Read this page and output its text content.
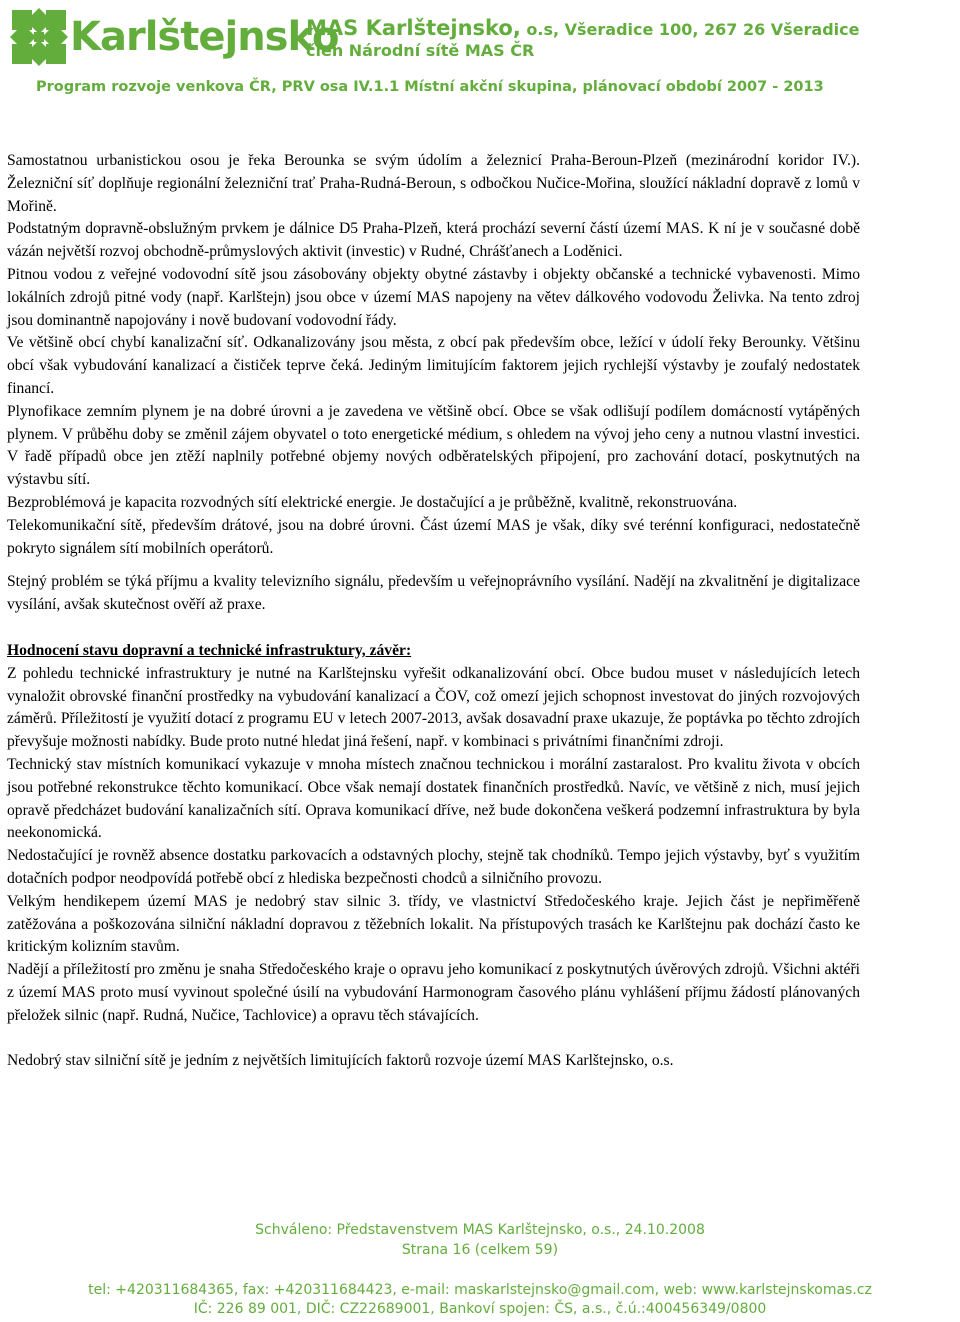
Karlštejnsko
MAS Karlštejnsko, o.s, Všeradice 100, 267 26 Všeradice
člen Národní sítě MAS ČR
Program rozvoje venkova ČR, PRV osa IV.1.1 Místní akční skupina, plánovací období 2007 - 2013

Samostatnou urbanistickou osou je řeka Berounka se svým údolím a železnicí Praha-Beroun-Plzeň (mezinárodní koridor IV.). Železniční síť doplňuje regionální železniční trať Praha-Rudná-Beroun, s odbočkou Nučice-Mořina, sloužící nákladní dopravě z lomů v Mořině.

Podstatným dopravně-obslužným prvkem je dálnice D5 Praha-Plzeň, která prochází severní částí území MAS. K ní je v současné době vázán největší rozvoj obchodně-průmyslových aktivit (investic) v Rudné, Chrášťanech a Loděnici.

Pitnou vodou z veřejné vodovodní sítě jsou zásobovány objekty obytné zástavby i objekty občanské a technické vybavenosti. Mimo lokálních zdrojů pitné vody (např. Karlštejn) jsou obce v území MAS napojeny na větev dálkového vodovodu Želivka. Na tento zdroj jsou dominantně napojovány i nově budovaní vodovodní řády.

Ve většině obcí chybí kanalizační síť. Odkanalizovány jsou města, z obcí pak především obce, ležící v údolí řeky Berounky. Většinu obcí však vybudování kanalizací a čističek teprve čeká. Jediným limitujícím faktorem jejich rychlejší výstavby je zoufalý nedostatek financí.

Plynofikace zemním plynem je na dobré úrovni a je zavedena ve většině obcí. Obce se však odlišují podílem domácností vytápěných plynem. V průběhu doby se změnil zájem obyvatel o toto energetické médium, s ohledem na vývoj jeho ceny a nutnou vlastní investici. V řadě případů obce jen ztěží naplnily potřebné objemy nových odběratelských připojení, pro zachování dotací, poskytnutých na výstavbu sítí.

Bezproblémová je kapacita rozvodných sítí elektrické energie. Je dostačující a je průběžně, kvalitně, rekonstruována.

Telekomunikační sítě, především drátové, jsou na dobré úrovni. Část území MAS je však, díky své terénní konfiguraci, nedostatečně pokryto signálem sítí mobilních operátorů.

Stejný problém se týká příjmu a kvality televizního signálu, především u veřejnoprávního vysílání. Nadějí na zkvalitnění je digitalizace vysílání, avšak skutečnost ověří až praxe.

Hodnocení stavu dopravní a technické infrastruktury, závěr:

Z pohledu technické infrastruktury je nutné na Karlštejnsku vyřešit odkanalizování obcí. Obce budou muset v následujících letech vynaložit obrovské finanční prostředky na vybudování kanalizací a ČOV, což omezí jejich schopnost investovat do jiných rozvojových záměrů. Příležitostí je využití dotací z programu EU v letech 2007-2013, avšak dosavadní praxe ukazuje, že poptávka po těchto zdrojích převyšuje možnosti nabídky. Bude proto nutné hledat jiná řešení, např. v kombinaci s privátními finančními zdroji.

Technický stav místních komunikací vykazuje v mnoha místech značnou technickou i morální zastaralost. Pro kvalitu života v obcích jsou potřebné rekonstrukce těchto komunikací. Obce však nemají dostatek finančních prostředků. Navíc, ve většině z nich, musí jejich opravě předcházet budování kanalizačních sítí. Oprava komunikací dříve, než bude dokončena veškerá podzemní infrastruktura by byla neekonomická.

Nedostačující je rovněž absence dostatku parkovacích a odstavných plochy, stejně tak chodníků. Tempo jejich výstavby, byť s využitím dotačních podpor neodpovídá potřebě obcí z hlediska bezpečnosti chodců a silničního provozu.

Velkým hendikepem území MAS je nedobrý stav silnic 3. třídy, ve vlastnictví Středočeského kraje. Jejich část je nepřiměřeně zatěžována a poškozována silniční nákladní dopravou z těžebních lokalit. Na přístupových trasách ke Karlštejnu pak dochází často ke kritickým kolizním stavům.

Nadějí a příležitostí pro změnu je snaha Středočeského kraje o opravu jeho komunikací z poskytnutých úvěrových zdrojů. Všichni aktéři z území MAS proto musí vyvinout společné úsilí na vybudování Harmonogram časového plánu vyhlášení příjmu žádostí plánovaných přeložek silnic (např. Rudná, Nučice, Tachlovice) a opravu těch stávajících.

Nedobrý stav silniční sítě je jedním z největších limitujících faktorů rozvoje území MAS Karlštejnsko, o.s.

Schváleno: Představenstvem MAS Karlštejnsko, o.s., 24.10.2008
Strana 16 (celkem 59)
tel: +420311684365, fax: +420311684423, e-mail: maskarlstejnsko@gmail.com, web: www.karlstejnskomas.cz
IČ: 226 89 001, DIČ: CZ22689001, Bankoví spojen: ČS, a.s., č.ú.:400456349/0800
